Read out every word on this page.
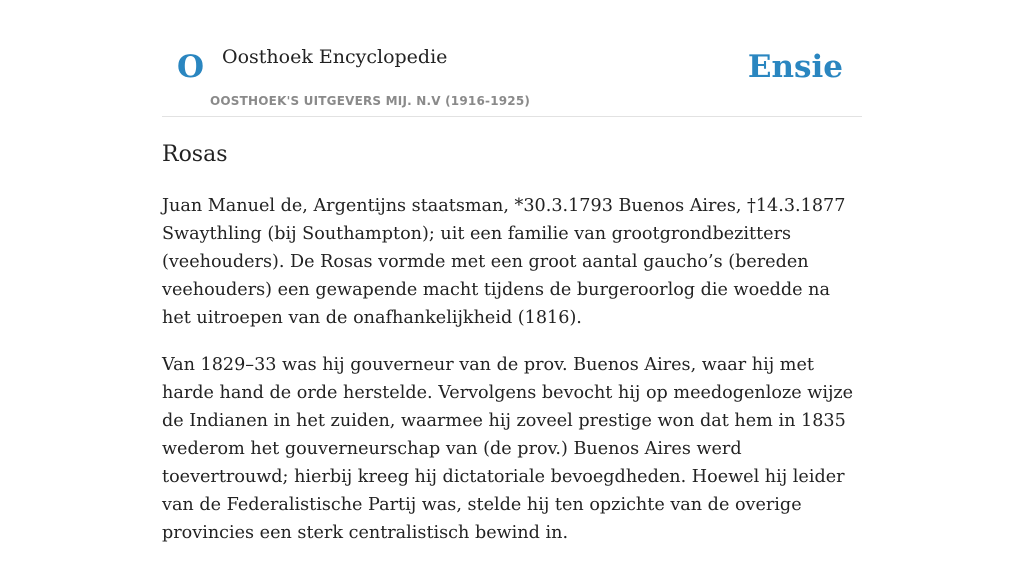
O Oosthoek Encyclopedie
OOSTHOEK'S UITGEVERS MIJ. N.V (1916-1925)
Ensie
Rosas

Juan Manuel de, Argentijns staatsman, *30.3.1793 Buenos Aires, †14.3.1877 Swaythling (bij Southampton); uit een familie van grootgrondbezitters (veehouders). De Rosas vormde met een groot aantal gaucho’s (bereden veehouders) een gewapende macht tijdens de burgeroorlog die woedde na het uitroepen van de onafhankelijkheid (1816).

Van 1829–33 was hij gouverneur van de prov. Buenos Aires, waar hij met harde hand de orde herstelde. Vervolgens bevocht hij op meedogenloze wijze de Indianen in het zuiden, waarmee hij zoveel prestige won dat hem in 1835 wederom het gouverneurschap van (de prov.) Buenos Aires werd toevertrouwd; hierbij kreeg hij dictatoriale bevoegdheden. Hoewel hij leider van de Federalistische Partij was, stelde hij ten opzichte van de overige provincies een sterk centralistisch bewind in.
